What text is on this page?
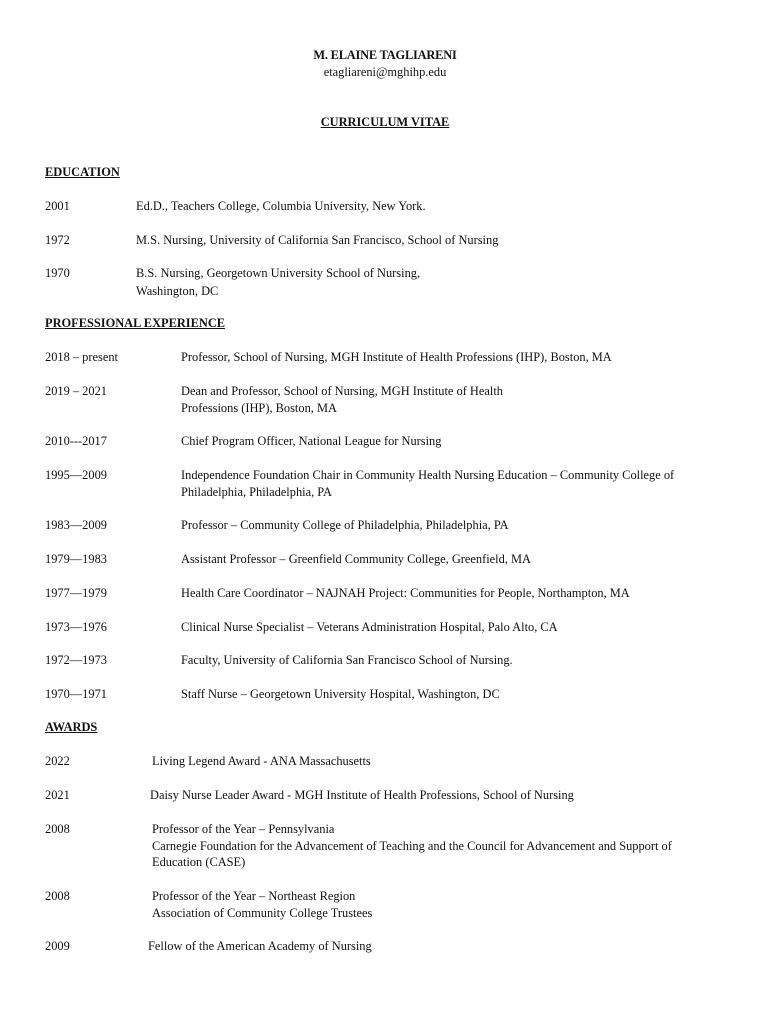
M. ELAINE TAGLIARENI
etagliareni@mghihp.edu
CURRICULUM VITAE
EDUCATION
2001	Ed.D., Teachers College, Columbia University, New York.
1972	M.S. Nursing, University of California San Francisco, School of Nursing
1970	B.S. Nursing, Georgetown University School of Nursing,
Washington, DC
PROFESSIONAL EXPERIENCE
2018 – present	Professor, School of Nursing, MGH Institute of Health Professions (IHP), Boston, MA
2019 – 2021	Dean and Professor, School of Nursing, MGH Institute of Health
Professions (IHP), Boston, MA
2010---2017	Chief Program Officer, National League for Nursing
1995—2009	Independence Foundation Chair in Community Health Nursing Education – Community College of
Philadelphia, Philadelphia, PA
1983—2009	Professor – Community College of Philadelphia, Philadelphia, PA
1979—1983	Assistant Professor – Greenfield Community College, Greenfield, MA
1977—1979	Health Care Coordinator – NAJNAH Project: Communities for People, Northampton, MA
1973—1976	Clinical Nurse Specialist – Veterans Administration Hospital, Palo Alto, CA
1972—1973	Faculty, University of California San Francisco School of Nursing.
1970—1971	Staff Nurse – Georgetown University Hospital, Washington, DC
AWARDS
2022	Living Legend Award - ANA Massachusetts
2021	Daisy Nurse Leader Award - MGH Institute of Health Professions, School of Nursing
2008	Professor of the Year – Pennsylvania
Carnegie Foundation for the Advancement of Teaching and the Council for Advancement and Support of
Education (CASE)
2008	Professor of the Year – Northeast Region
Association of Community College Trustees
2009	Fellow of the American Academy of Nursing
